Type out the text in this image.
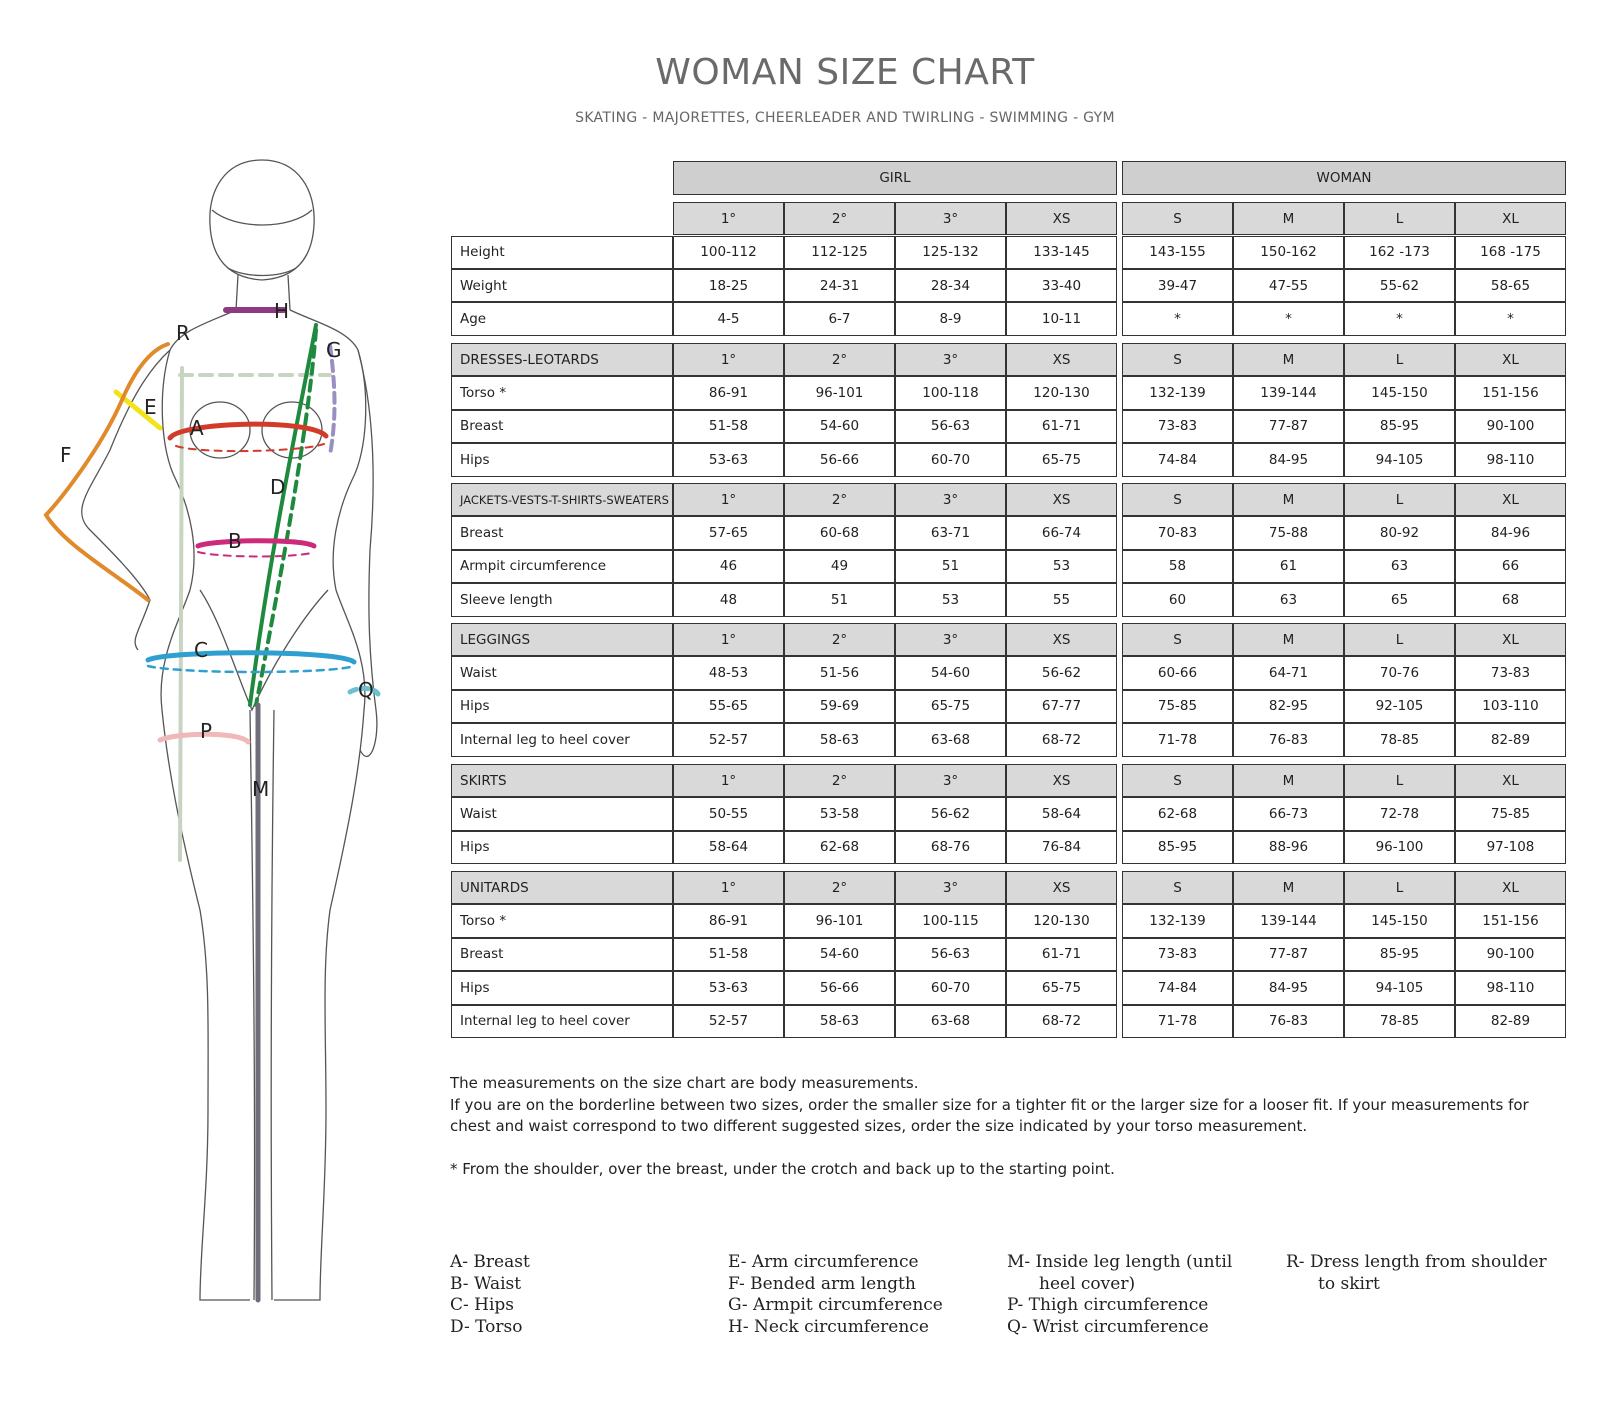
WOMAN SIZE CHART
SKATING - MAJORETTES, CHEERLEADER AND TWIRLING - SWIMMING - GYM
H
R
G
E
A
F
D
B
C
Q
P
M
GIRL	WOMAN
1°	2°	3°	XS	S	M	L	XL
Height	100-112	112-125	125-132	133-145	143-155	150-162	162 -173	168 -175
Weight	18-25	24-31	28-34	33-40	39-47	47-55	55-62	58-65
Age	4-5	6-7	8-9	10-11	*	*	*	*
DRESSES-LEOTARDS	1°	2°	3°	XS	S	M	L	XL
Torso *	86-91	96-101	100-118	120-130	132-139	139-144	145-150	151-156
Breast	51-58	54-60	56-63	61-71	73-83	77-87	85-95	90-100
Hips	53-63	56-66	60-70	65-75	74-84	84-95	94-105	98-110
JACKETS-VESTS-T-SHIRTS-SWEATERS	1°	2°	3°	XS	S	M	L	XL
Breast	57-65	60-68	63-71	66-74	70-83	75-88	80-92	84-96
Armpit circumference	46	49	51	53	58	61	63	66
Sleeve length	48	51	53	55	60	63	65	68
LEGGINGS	1°	2°	3°	XS	S	M	L	XL
Waist	48-53	51-56	54-60	56-62	60-66	64-71	70-76	73-83
Hips	55-65	59-69	65-75	67-77	75-85	82-95	92-105	103-110
Internal leg to heel cover	52-57	58-63	63-68	68-72	71-78	76-83	78-85	82-89
SKIRTS	1°	2°	3°	XS	S	M	L	XL
Waist	50-55	53-58	56-62	58-64	62-68	66-73	72-78	75-85
Hips	58-64	62-68	68-76	76-84	85-95	88-96	96-100	97-108
UNITARDS	1°	2°	3°	XS	S	M	L	XL
Torso *	86-91	96-101	100-115	120-130	132-139	139-144	145-150	151-156
Breast	51-58	54-60	56-63	61-71	73-83	77-87	85-95	90-100
Hips	53-63	56-66	60-70	65-75	74-84	84-95	94-105	98-110
Internal leg to heel cover	52-57	58-63	63-68	68-72	71-78	76-83	78-85	82-89

The measurements on the size chart are body measurements.

If you are on the borderline between two sizes, order the smaller size for a tighter fit or the larger size for a looser fit. If your measurements for chest and waist correspond to two different suggested sizes, order the size indicated by your torso measurement.

* From the shoulder, over the breast, under the crotch and back up to the starting point.

A- Breast
B- Waist
C- Hips
D- Torso
E- Arm circumference
F- Bended arm length
G- Armpit circumference
H- Neck circumference
M- Inside leg length (until
heel cover)
P- Thigh circumference
Q- Wrist circumference
R- Dress length from shoulder
to skirt
